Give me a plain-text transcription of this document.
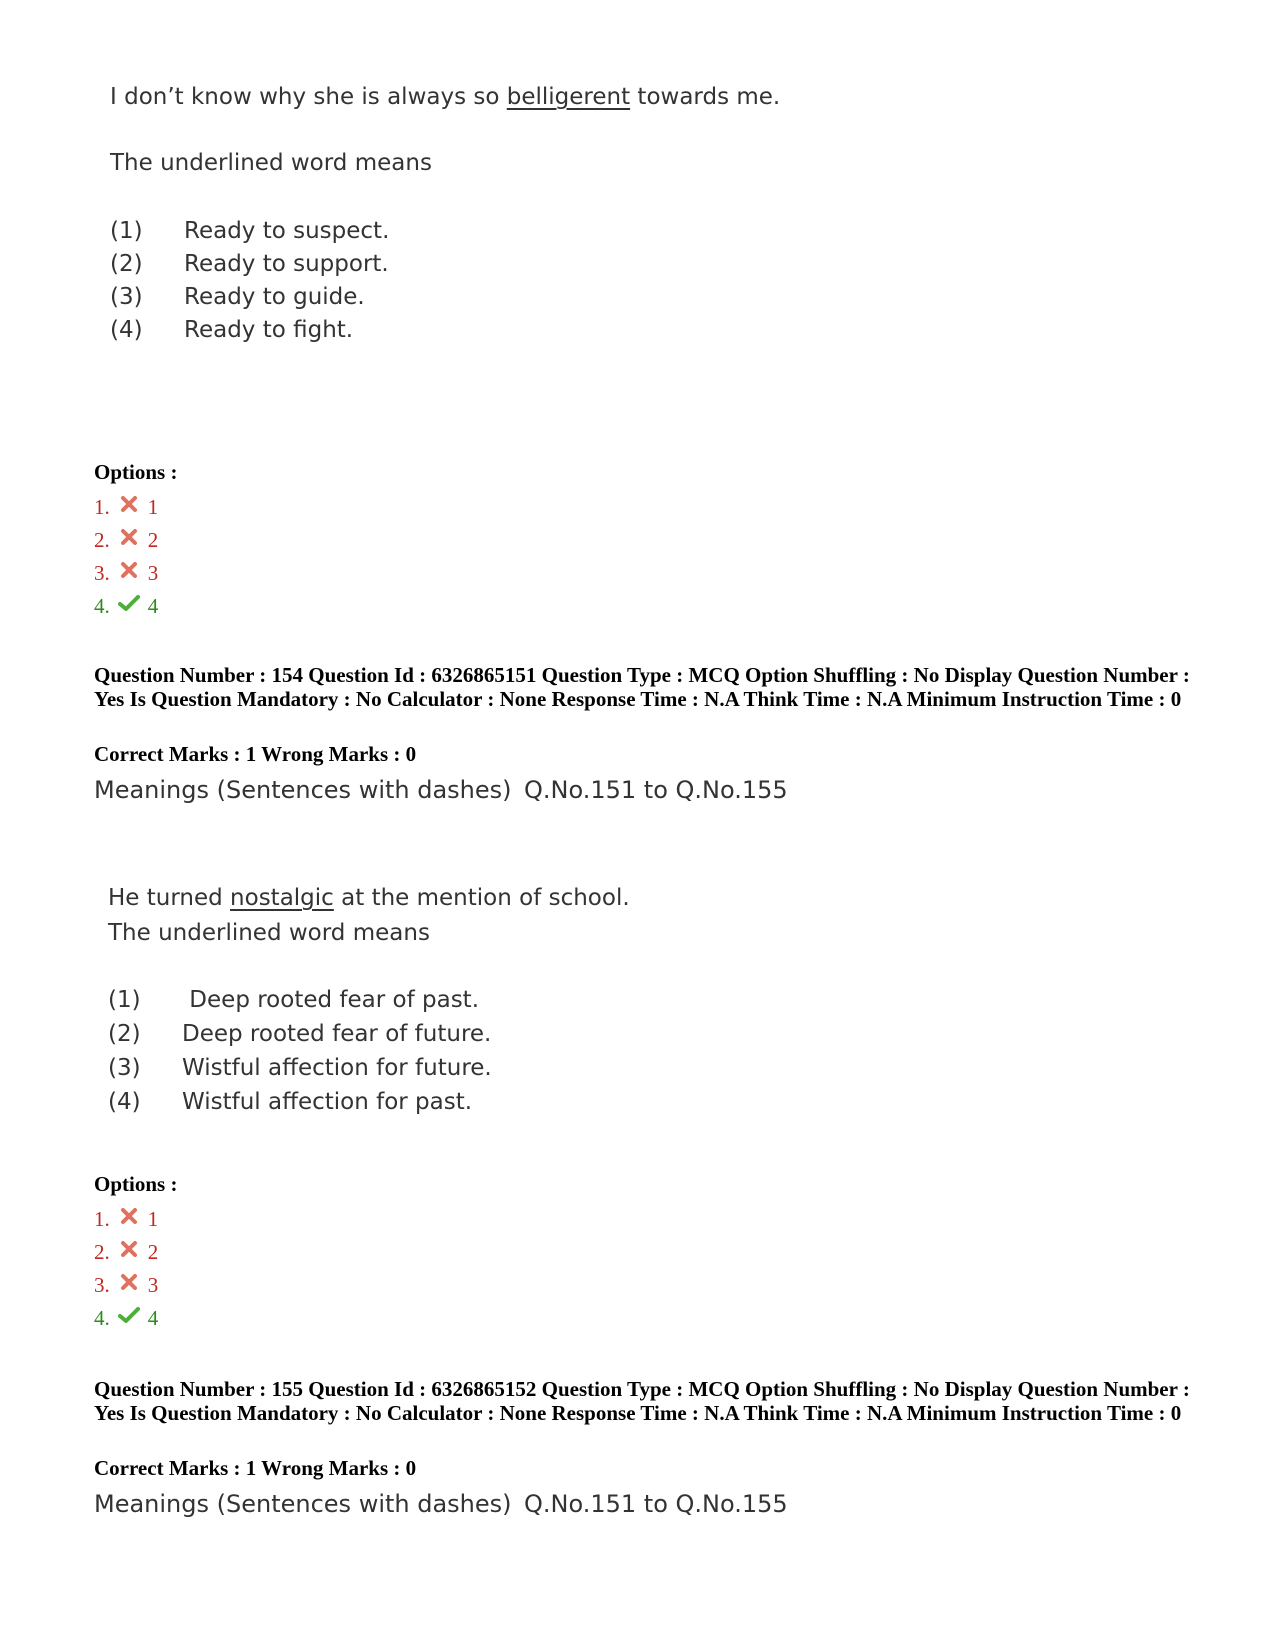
I don’t know why she is always so belligerent towards me.
The underlined word means
(1) Ready to suspect.
(2) Ready to support.
(3) Ready to guide.
(4) Ready to fight.
Options :
1. 1
2. 2
3. 3
4. 4
Question Number : 154 Question Id : 6326865151 Question Type : MCQ Option Shuffling : No Display Question Number : Yes Is Question Mandatory : No Calculator : None Response Time : N.A Think Time : N.A Minimum Instruction Time : 0
Correct Marks : 1 Wrong Marks : 0
Meanings (Sentences with dashes) Q.No.151 to Q.No.155
He turned nostalgic at the mention of school.
The underlined word means
(1) Deep rooted fear of past.
(2) Deep rooted fear of future.
(3) Wistful affection for future.
(4) Wistful affection for past.
Options :
1. 1
2. 2
3. 3
4. 4
Question Number : 155 Question Id : 6326865152 Question Type : MCQ Option Shuffling : No Display Question Number : Yes Is Question Mandatory : No Calculator : None Response Time : N.A Think Time : N.A Minimum Instruction Time : 0
Correct Marks : 1 Wrong Marks : 0
Meanings (Sentences with dashes) Q.No.151 to Q.No.155
